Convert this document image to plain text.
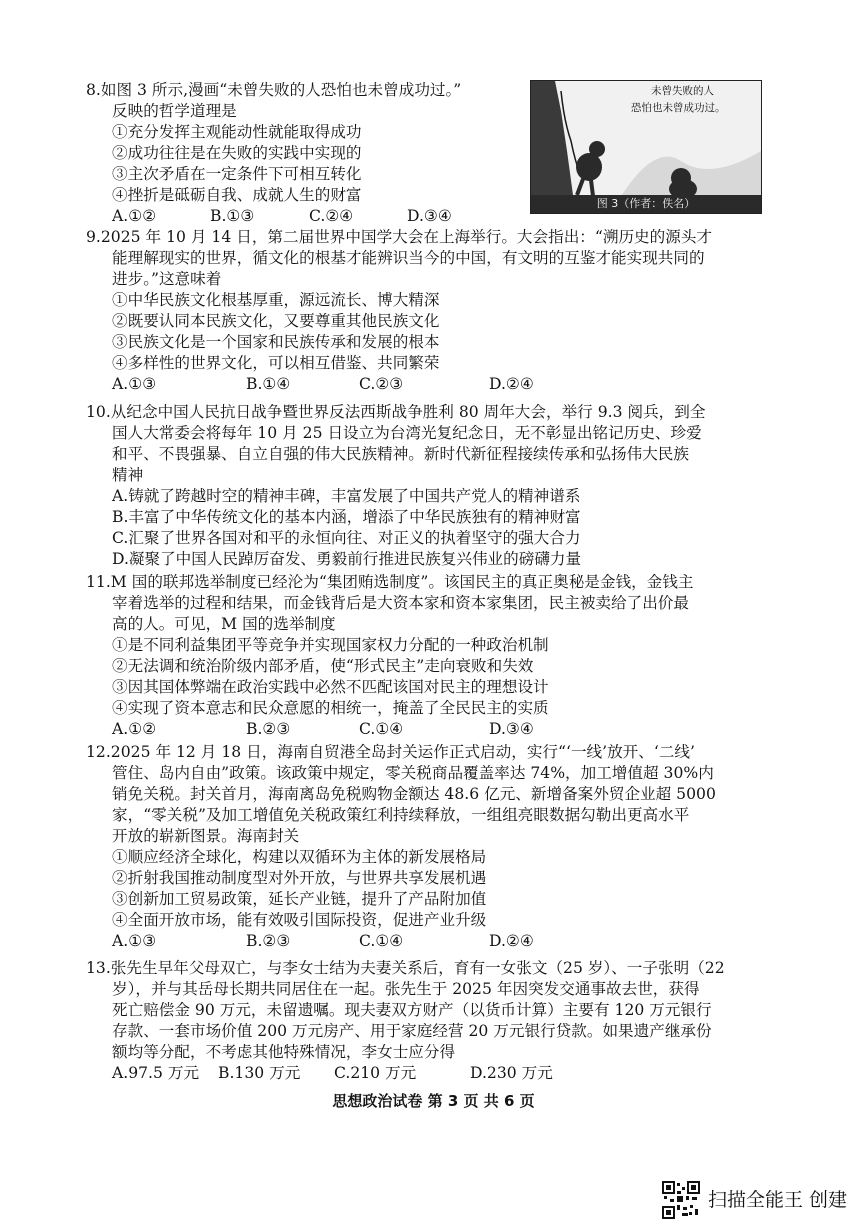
8.如图 3 所示,漫画“未曾失败的人恐怕也未曾成功过。”
反映的哲学道理是
①充分发挥主观能动性就能取得成功
②成功往往是在失败的实践中实现的
③主次矛盾在一定条件下可相互转化
④挫折是砥砺自我、成就人生的财富
A.①②	B.①③	C.②④	D.③④
未曾失败的人
恐怕也未曾成功过。
图 3（作者：佚名）
9.2025 年 10 月 14 日，第二届世界中国学大会在上海举行。大会指出：“溯历史的源头才
能理解现实的世界，循文化的根基才能辨识当今的中国，有文明的互鉴才能实现共同的
进步。”这意味着
①中华民族文化根基厚重，源远流长、博大精深
②既要认同本民族文化，又要尊重其他民族文化
③民族文化是一个国家和民族传承和发展的根本
④多样性的世界文化，可以相互借鉴、共同繁荣
A.①③	B.①④	C.②③	D.②④
10.从纪念中国人民抗日战争暨世界反法西斯战争胜利 80 周年大会，举行 9.3 阅兵，到全
国人大常委会将每年 10 月 25 日设立为台湾光复纪念日，无不彰显出铭记历史、珍爱
和平、不畏强暴、自立自强的伟大民族精神。新时代新征程接续传承和弘扬伟大民族
精神
A.铸就了跨越时空的精神丰碑，丰富发展了中国共产党人的精神谱系
B.丰富了中华传统文化的基本内涵，增添了中华民族独有的精神财富
C.汇聚了世界各国对和平的永恒向往、对正义的执着坚守的强大合力
D.凝聚了中国人民踔厉奋发、勇毅前行推进民族复兴伟业的磅礴力量
11.M 国的联邦选举制度已经沦为“集团贿选制度”。该国民主的真正奥秘是金钱，金钱主
宰着选举的过程和结果，而金钱背后是大资本家和资本家集团，民主被卖给了出价最
高的人。可见，M 国的选举制度
①是不同利益集团平等竞争并实现国家权力分配的一种政治机制
②无法调和统治阶级内部矛盾，使“形式民主”走向衰败和失效
③因其国体弊端在政治实践中必然不匹配该国对民主的理想设计
④实现了资本意志和民众意愿的相统一，掩盖了全民民主的实质
A.①②	B.②③	C.①④	D.③④
12.2025 年 12 月 18 日，海南自贸港全岛封关运作正式启动，实行“‘一线’放开、‘二线’
管住、岛内自由”政策。该政策中规定，零关税商品覆盖率达 74%，加工增值超 30%内
销免关税。封关首月，海南离岛免税购物金额达 48.6 亿元、新增备案外贸企业超 5000
家，“零关税”及加工增值免关税政策红利持续释放，一组组亮眼数据勾勒出更高水平
开放的崭新图景。海南封关
①顺应经济全球化，构建以双循环为主体的新发展格局
②折射我国推动制度型对外开放，与世界共享发展机遇
③创新加工贸易政策，延长产业链，提升了产品附加值
④全面开放市场，能有效吸引国际投资，促进产业升级
A.①③	B.②③	C.①④	D.②④
13.张先生早年父母双亡，与李女士结为夫妻关系后，育有一女张文（25 岁）、一子张明（22
岁），并与其岳母长期共同居住在一起。张先生于 2025 年因突发交通事故去世，获得
死亡赔偿金 90 万元，未留遗嘱。现夫妻双方财产（以货币计算）主要有 120 万元银行
存款、一套市场价值 200 万元房产、用于家庭经营 20 万元银行贷款。如果遗产继承份
额均等分配，不考虑其他特殊情况，李女士应分得
A.97.5 万元 B.130 万元 C.210 万元	D.230 万元
思想政治试卷 第 3 页 共 6 页
扫描全能王 创建
